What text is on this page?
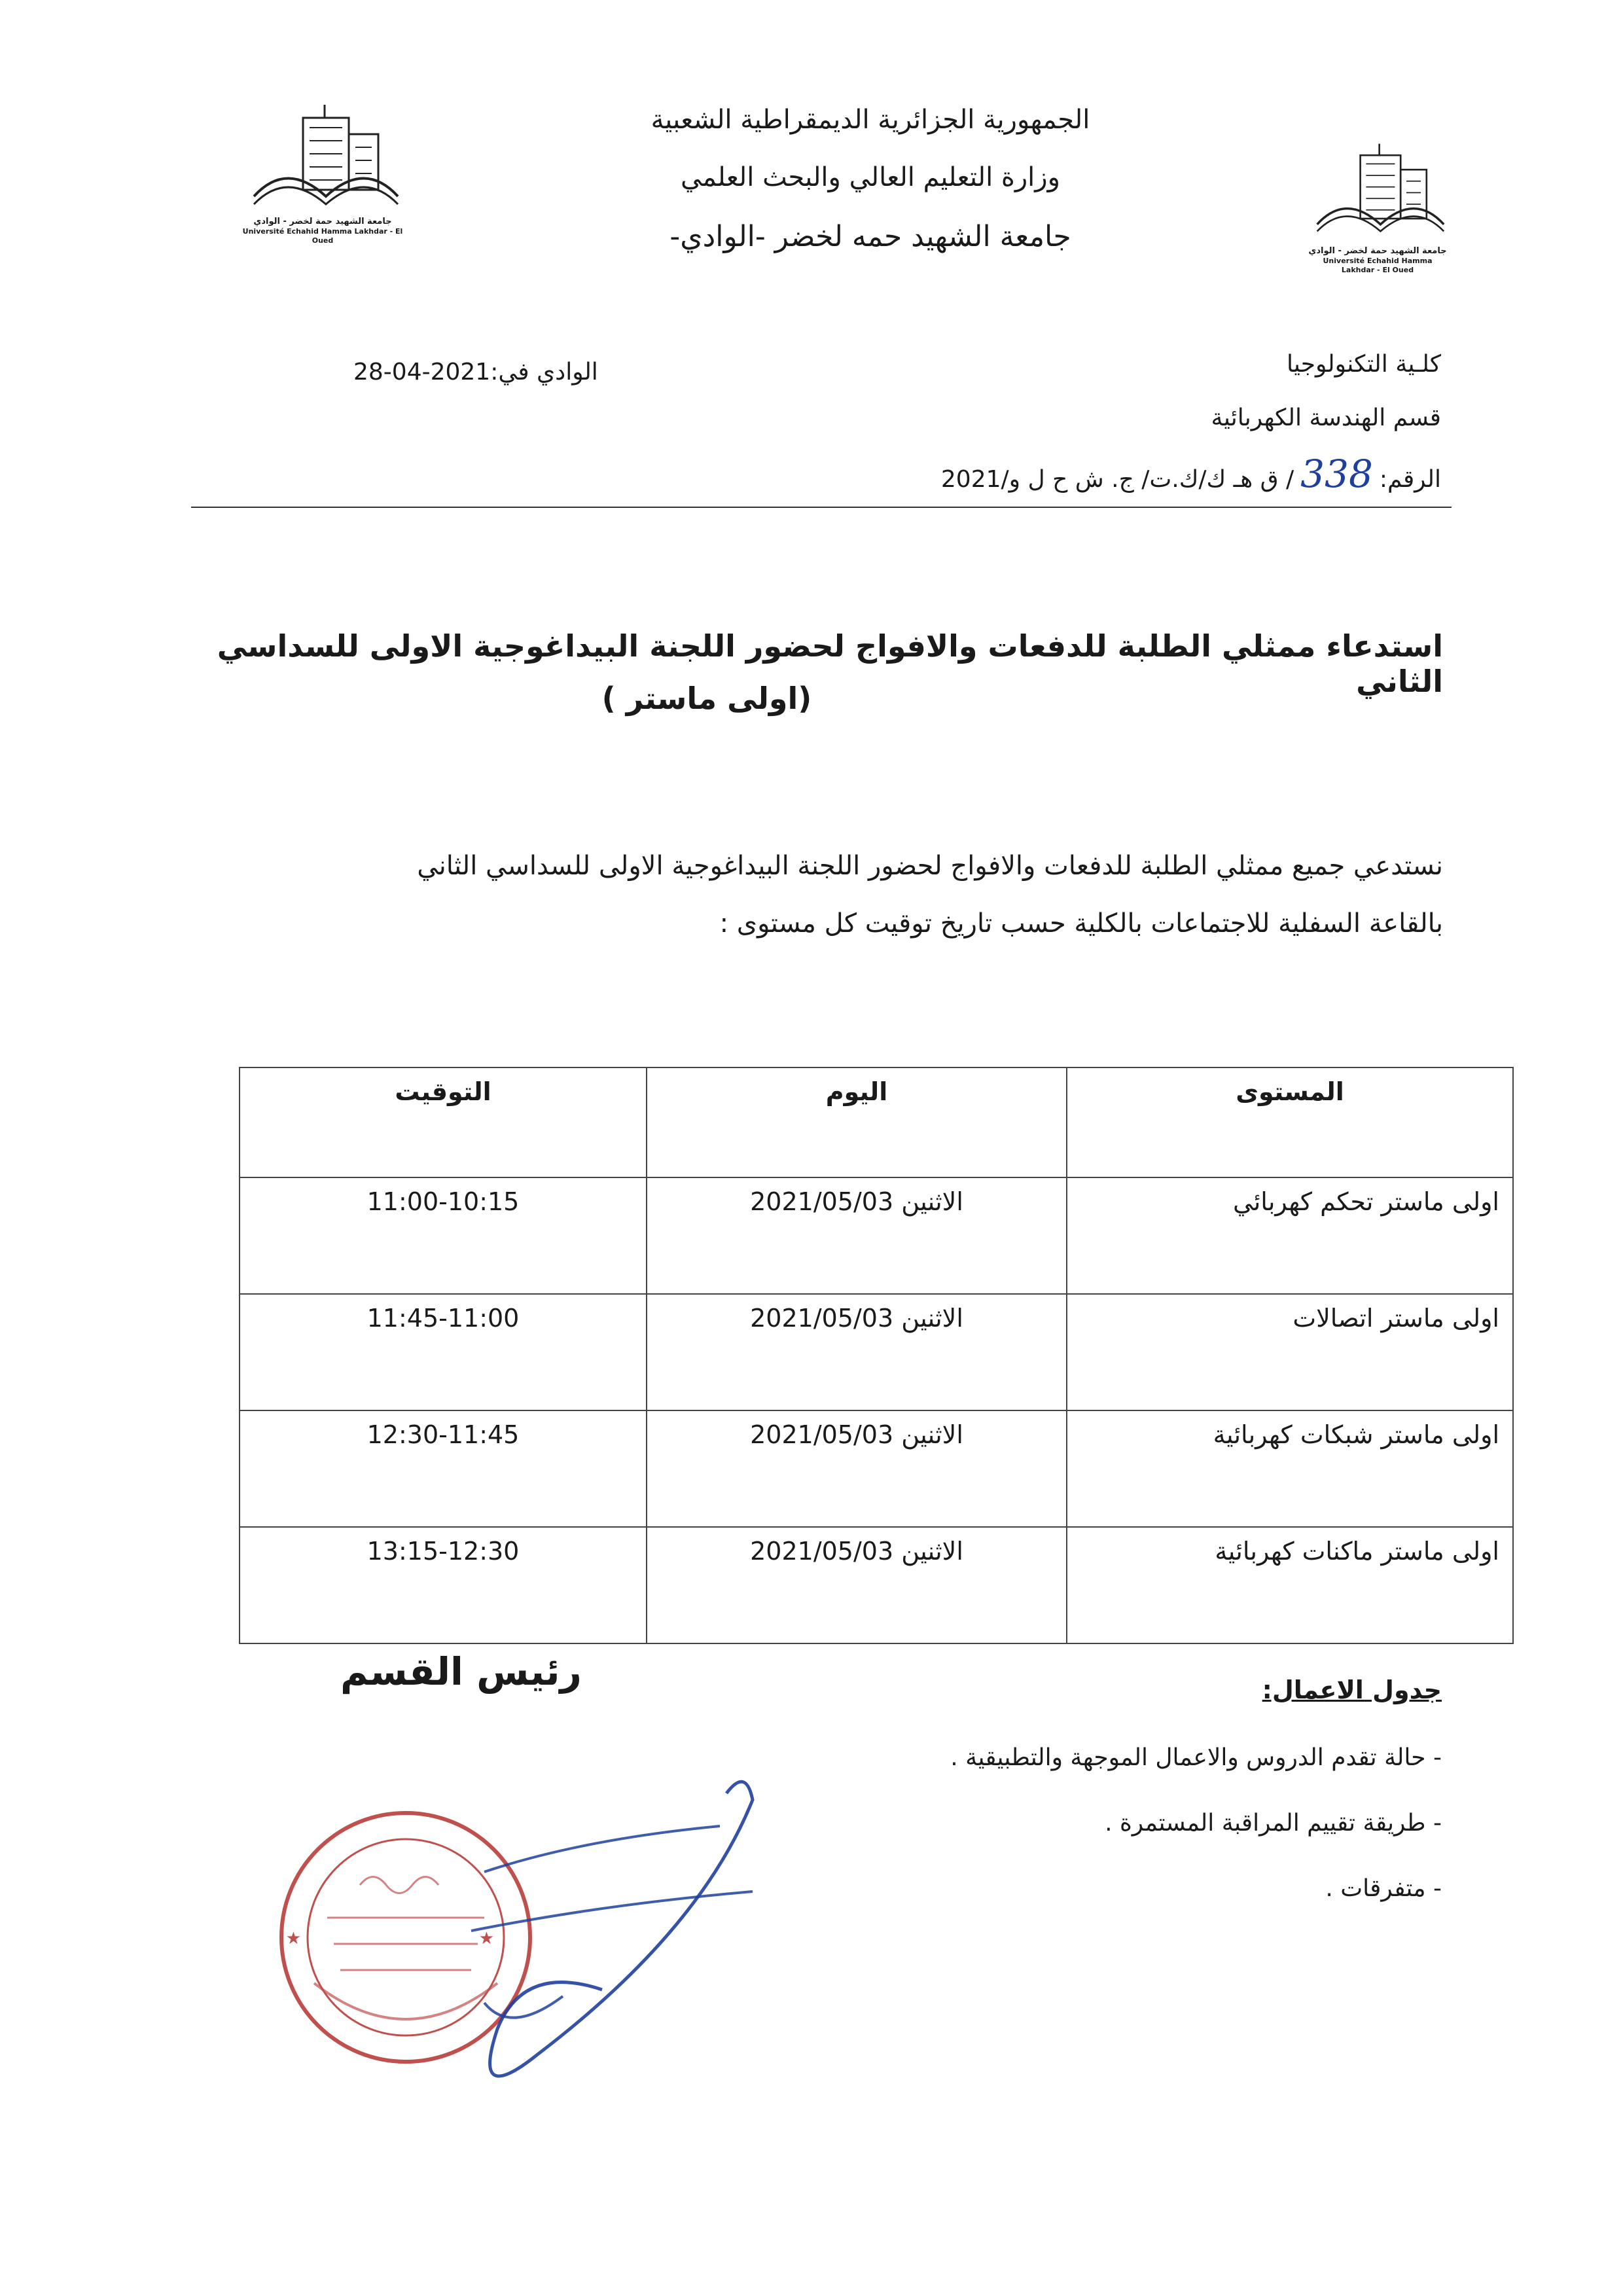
جامعة الشهيد حمة لخضر - الوادي
Université Echahid Hamma Lakhdar - El Oued
جامعة الشهيد حمة لخضر - الوادي
Université Echahid Hamma Lakhdar - El Oued
الجمهورية الجزائرية الديمقراطية الشعبية
وزارة التعليم العالي والبحث العلمي
جامعة الشهيد حمه لخضر -الوادي-
الوادي في:28-04-2021	كلـية التكنولوجيا
قسم الهندسة الكهربائية
الرقم:
338
/ ق هـ ك/ك.ت/ ج. ش ح ل و/2021
استدعاء ممثلي الطلبة للدفعات والافواج لحضور اللجنة البيداغوجية الاولى للسداسي الثاني
(اولى ماستر )
نستدعي جميع ممثلي الطلبة للدفعات والافواج لحضور اللجنة البيداغوجية الاولى للسداسي الثاني
بالقاعة السفلية للاجتماعات بالكلية حسب تاريخ توقيت كل مستوى :
المستوى	اليوم	التوقيت
اولى ماستر تحكم كهربائي	الاثنين 2021/05/03	11:00-10:15
اولى ماستر اتصالات	الاثنين 2021/05/03	11:45-11:00
اولى ماستر شبكات كهربائية	الاثنين 2021/05/03	12:30-11:45
اولى ماستر ماكنات كهربائية	الاثنين 2021/05/03	13:15-12:30
رئيس القسم	جدول الاعمال:
- حالة تقدم الدروس والاعمال الموجهة والتطبيقية .
- طريقة تقييم المراقبة المستمرة .
- متفرقات .
★	★
